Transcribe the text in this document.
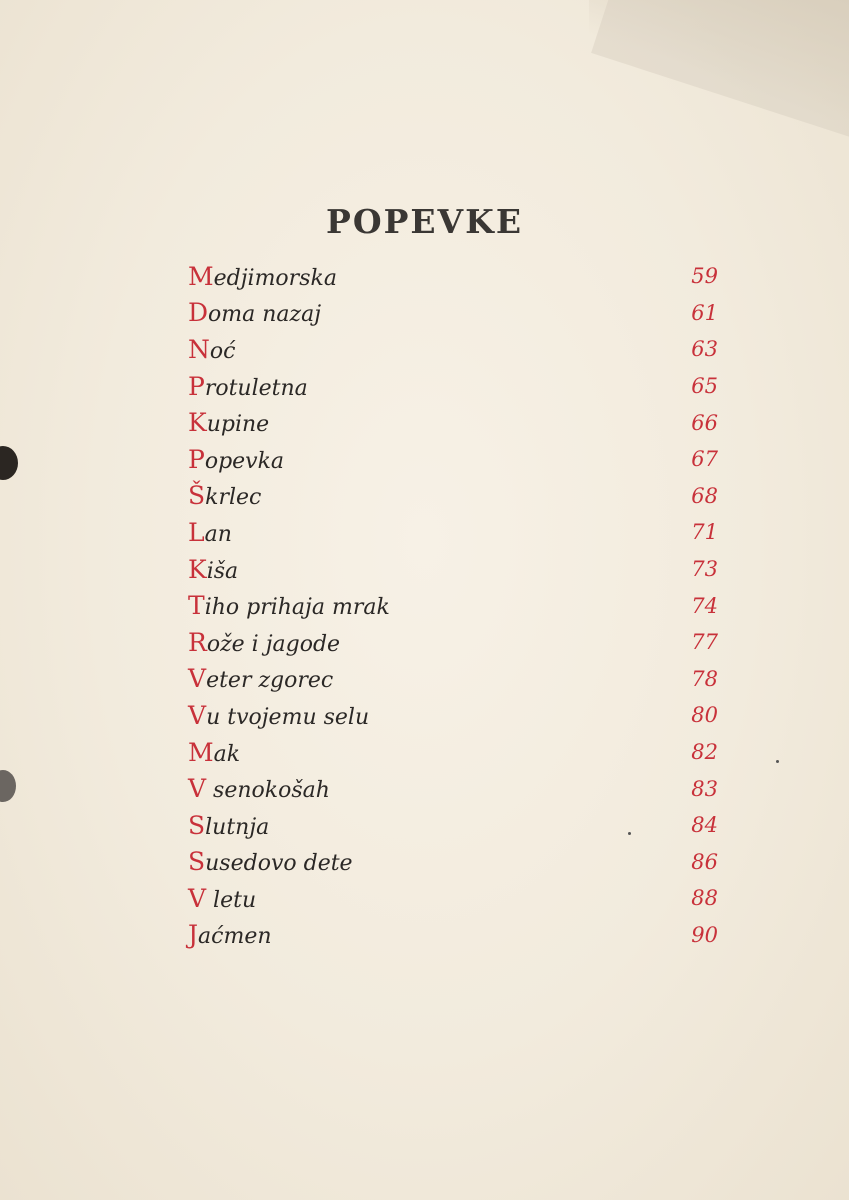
POPEVKE
Medjimorska	59
Doma nazaj	61
Noć	63
Protuletna	65
Kupine	66
Popevka	67
Škrlec	68
Lan	71
Kiša	73
Tiho prihaja mrak	74
Rože i jagode	77
Veter zgorec	78
Vu tvojemu selu	80
Mak	82
V senokošah	83
Slutnja	84
Susedovo dete	86
V letu	88
Jaćmen	90
